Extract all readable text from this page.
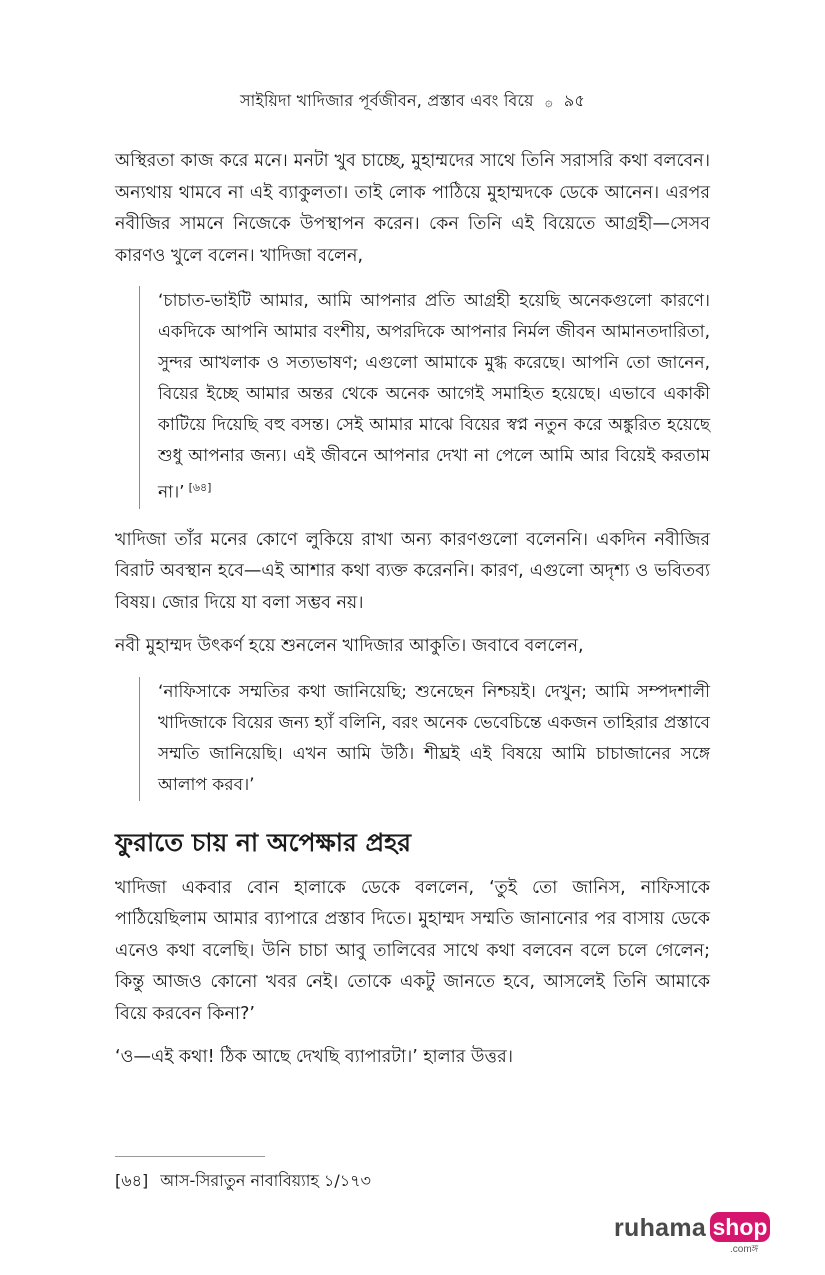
সাইয়িদা খাদিজার পূর্বজীবন, প্রস্তাব এবং বিয়ে ۞ ৯৫

অস্থিরতা কাজ করে মনে। মনটা খুব চাচ্ছে, মুহাম্মদের সাথে তিনি সরাসরি কথা বলবেন। অন্যথায় থামবে না এই ব্যাকুলতা। তাই লোক পাঠিয়ে মুহাম্মদকে ডেকে আনেন। এরপর নবীজির সামনে নিজেকে উপস্থাপন করেন। কেন তিনি এই বিয়েতে আগ্রহী—সেসব কারণও খুলে বলেন। খাদিজা বলেন,

‘চাচাত-ভাইটি আমার, আমি আপনার প্রতি আগ্রহী হয়েছি অনেকগুলো কারণে। একদিকে আপনি আমার বংশীয়, অপরদিকে আপনার নির্মল জীবন আমানতদারিতা, সুন্দর আখলাক ও সত্যভাষণ; এগুলো আমাকে মুগ্ধ করেছে। আপনি তো জানেন, বিয়ের ইচ্ছে আমার অন্তর থেকে অনেক আগেই সমাহিত হয়েছে। এভাবে একাকী কাটিয়ে দিয়েছি বহু বসন্ত। সেই আমার মাঝে বিয়ের স্বপ্ন নতুন করে অঙ্কুরিত হয়েছে শুধু আপনার জন্য। এই জীবনে আপনার দেখা না পেলে আমি আর বিয়েই করতাম না।’ [৬৪]

খাদিজা তাঁর মনের কোণে লুকিয়ে রাখা অন্য কারণগুলো বলেননি। একদিন নবীজির বিরাট অবস্থান হবে—এই আশার কথা ব্যক্ত করেননি। কারণ, এগুলো অদৃশ্য ও ভবিতব্য বিষয়। জোর দিয়ে যা বলা সম্ভব নয়।

নবী মুহাম্মদ উৎকর্ণ হয়ে শুনলেন খাদিজার আকুতি। জবাবে বললেন,

‘নাফিসাকে সম্মতির কথা জানিয়েছি; শুনেছেন নিশ্চয়ই। দেখুন; আমি সম্পদশালী খাদিজাকে বিয়ের জন্য হ্যাঁ বলিনি, বরং অনেক ভেবেচিন্তে একজন তাহিরার প্রস্তাবে সম্মতি জানিয়েছি। এখন আমি উঠি। শীঘ্রই এই বিষয়ে আমি চাচাজানের সঙ্গে আলাপ করব।’

ফুরাতে চায় না অপেক্ষার প্রহর

খাদিজা একবার বোন হালাকে ডেকে বললেন, ‘তুই তো জানিস, নাফিসাকে পাঠিয়েছিলাম আমার ব্যাপারে প্রস্তাব দিতে। মুহাম্মদ সম্মতি জানানোর পর বাসায় ডেকে এনেও কথা বলেছি। উনি চাচা আবু তালিবের সাথে কথা বলবেন বলে চলে গেলেন; কিন্তু আজও কোনো খবর নেই। তোকে একটু জানতে হবে, আসলেই তিনি আমাকে বিয়ে করবেন কিনা?’

‘ও—এই কথা! ঠিক আছে দেখছি ব্যাপারটা।’ হালার উত্তর।

[৬৪] আস-সিরাতুন নাবাবিয়্যাহ ১/১৭৩
ruhama shop
.comঙ্গ
